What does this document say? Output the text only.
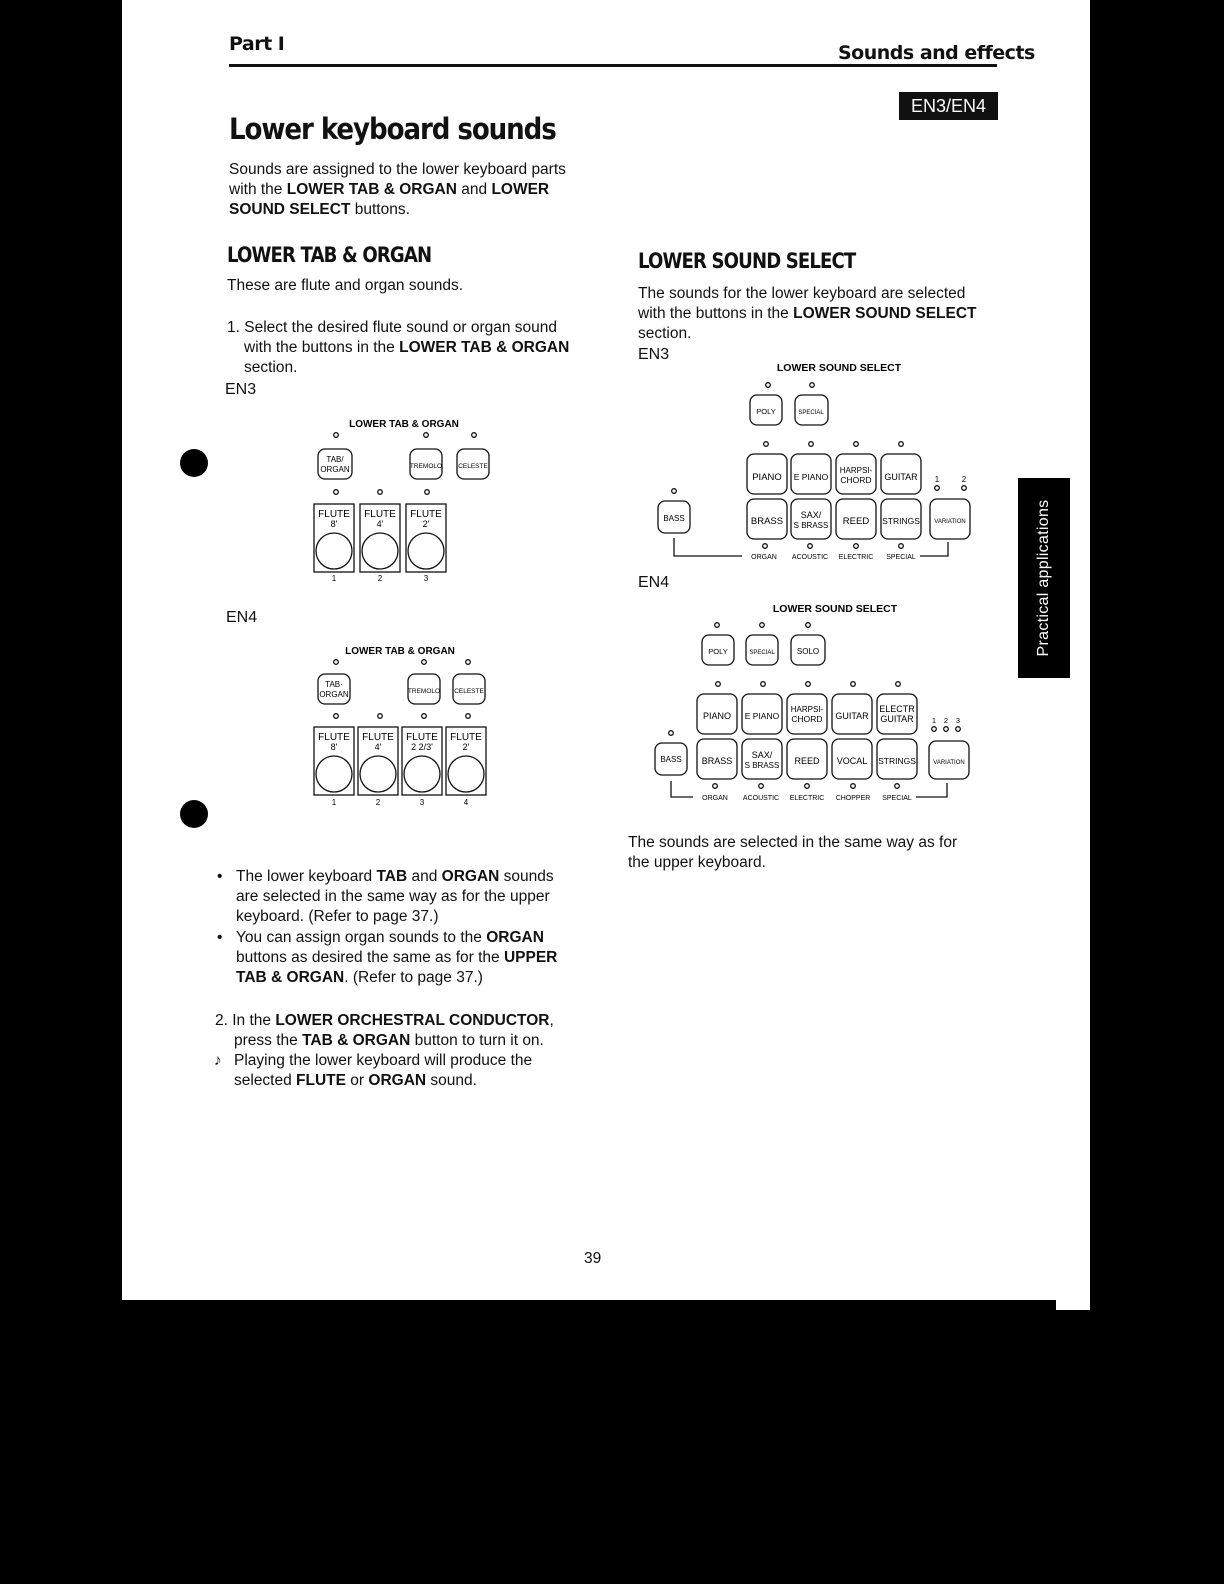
Part I	Sounds and effects
EN3/EN4
Lower keyboard sounds
Sounds are assigned to the lower keyboard parts
with the LOWER TAB & ORGAN and LOWER
SOUND SELECT buttons.
LOWER TAB & ORGAN
These are flute and organ sounds.
1. Select the desired flute sound or organ sound
with the buttons in the LOWER TAB & ORGAN
section.
EN3
LOWER TAB & ORGAN
TAB/
ORGAN	TREMOLO CELESTE
FLUTE
8'
FLUTE
4'
FLUTE
2'
1	2	3
EN4
LOWER TAB & ORGAN
TAB·
ORGAN	TREMOLO CELESTE
FLUTE
8'
FLUTE
4'
FLUTE
2 2/3'
FLUTE
2'
1	2	3	4
• The lower keyboard TAB and ORGAN sounds
are selected in the same way as for the upper
keyboard. (Refer to page 37.)
• You can assign organ sounds to the ORGAN
buttons as desired the same as for the UPPER
TAB & ORGAN. (Refer to page 37.)
2. In the LOWER ORCHESTRAL CONDUCTOR,
press the TAB & ORGAN button to turn it on.
♪ Playing the lower keyboard will produce the
selected FLUTE or ORGAN sound.
LOWER SOUND SELECT
The sounds for the lower keyboard are selected
with the buttons in the LOWER SOUND SELECT
section.
EN3
LOWER SOUND SELECT
PIANO E PIANO
HARPSI-
CHORD GUITAR
POLY	SPECIAL
BASS	BRASS
SAX/
S BRASS REED STRINGS VARIATION
1	2
ORGAN ACOUSTIC ELECTRIC SPECIAL
EN4
LOWER SOUND SELECT
POLY	SPECIAL	SOLO
PIANO E PIANO
HARPSI-
CHORD GUITAR
ELECTR
GUITAR	2
1	3
BASS BRASS
SAX/
S BRASS REED VOCAL STRINGS	VARIATION
ORGAN ACOUSTIC ELECTRIC CHOPPER SPECIAL
The sounds are selected in the same way as for
the upper keyboard.
Practical applications
39
